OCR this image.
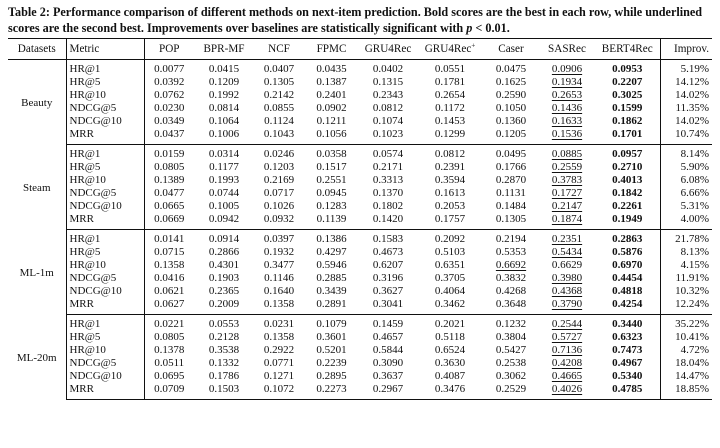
Table 2: Performance comparison of different methods on next-item prediction. Bold scores are the best in each row, while underlined scores are the second best. Improvements over baselines are statistically significant with p < 0.01.
Datasets	Metric	POP	BPR-MF	NCF	FPMC	GRU4Rec	GRU4Rec+	Caser	SASRec	BERT4Rec	Improv.
Beauty	HR@1	0.0077	0.0415	0.0407	0.0435	0.0402	0.0551	0.0475	0.0906	0.0953	5.19%
	HR@5	0.0392	0.1209	0.1305	0.1387	0.1315	0.1781	0.1625	0.1934	0.2207	14.12%
	HR@10	0.0762	0.1992	0.2142	0.2401	0.2343	0.2654	0.2590	0.2653	0.3025	14.02%
	NDCG@5	0.0230	0.0814	0.0855	0.0902	0.0812	0.1172	0.1050	0.1436	0.1599	11.35%
	NDCG@10	0.0349	0.1064	0.1124	0.1211	0.1074	0.1453	0.1360	0.1633	0.1862	14.02%
	MRR	0.0437	0.1006	0.1043	0.1056	0.1023	0.1299	0.1205	0.1536	0.1701	10.74%
Steam	HR@1	0.0159	0.0314	0.0246	0.0358	0.0574	0.0812	0.0495	0.0885	0.0957	8.14%
	HR@5	0.0805	0.1177	0.1203	0.1517	0.2171	0.2391	0.1766	0.2559	0.2710	5.90%
	HR@10	0.1389	0.1993	0.2169	0.2551	0.3313	0.3594	0.2870	0.3783	0.4013	6.08%
	NDCG@5	0.0477	0.0744	0.0717	0.0945	0.1370	0.1613	0.1131	0.1727	0.1842	6.66%
	NDCG@10	0.0665	0.1005	0.1026	0.1283	0.1802	0.2053	0.1484	0.2147	0.2261	5.31%
	MRR	0.0669	0.0942	0.0932	0.1139	0.1420	0.1757	0.1305	0.1874	0.1949	4.00%
ML-1m	HR@1	0.0141	0.0914	0.0397	0.1386	0.1583	0.2092	0.2194	0.2351	0.2863	21.78%
	HR@5	0.0715	0.2866	0.1932	0.4297	0.4673	0.5103	0.5353	0.5434	0.5876	8.13%
	HR@10	0.1358	0.4301	0.3477	0.5946	0.6207	0.6351	0.6692	0.6629	0.6970	4.15%
	NDCG@5	0.0416	0.1903	0.1146	0.2885	0.3196	0.3705	0.3832	0.3980	0.4454	11.91%
	NDCG@10	0.0621	0.2365	0.1640	0.3439	0.3627	0.4064	0.4268	0.4368	0.4818	10.32%
	MRR	0.0627	0.2009	0.1358	0.2891	0.3041	0.3462	0.3648	0.3790	0.4254	12.24%
ML-20m	HR@1	0.0221	0.0553	0.0231	0.1079	0.1459	0.2021	0.1232	0.2544	0.3440	35.22%
	HR@5	0.0805	0.2128	0.1358	0.3601	0.4657	0.5118	0.3804	0.5727	0.6323	10.41%
	HR@10	0.1378	0.3538	0.2922	0.5201	0.5844	0.6524	0.5427	0.7136	0.7473	4.72%
	NDCG@5	0.0511	0.1332	0.0771	0.2239	0.3090	0.3630	0.2538	0.4208	0.4967	18.04%
	NDCG@10	0.0695	0.1786	0.1271	0.2895	0.3637	0.4087	0.3062	0.4665	0.5340	14.47%
	MRR	0.0709	0.1503	0.1072	0.2273	0.2967	0.3476	0.2529	0.4026	0.4785	18.85%
